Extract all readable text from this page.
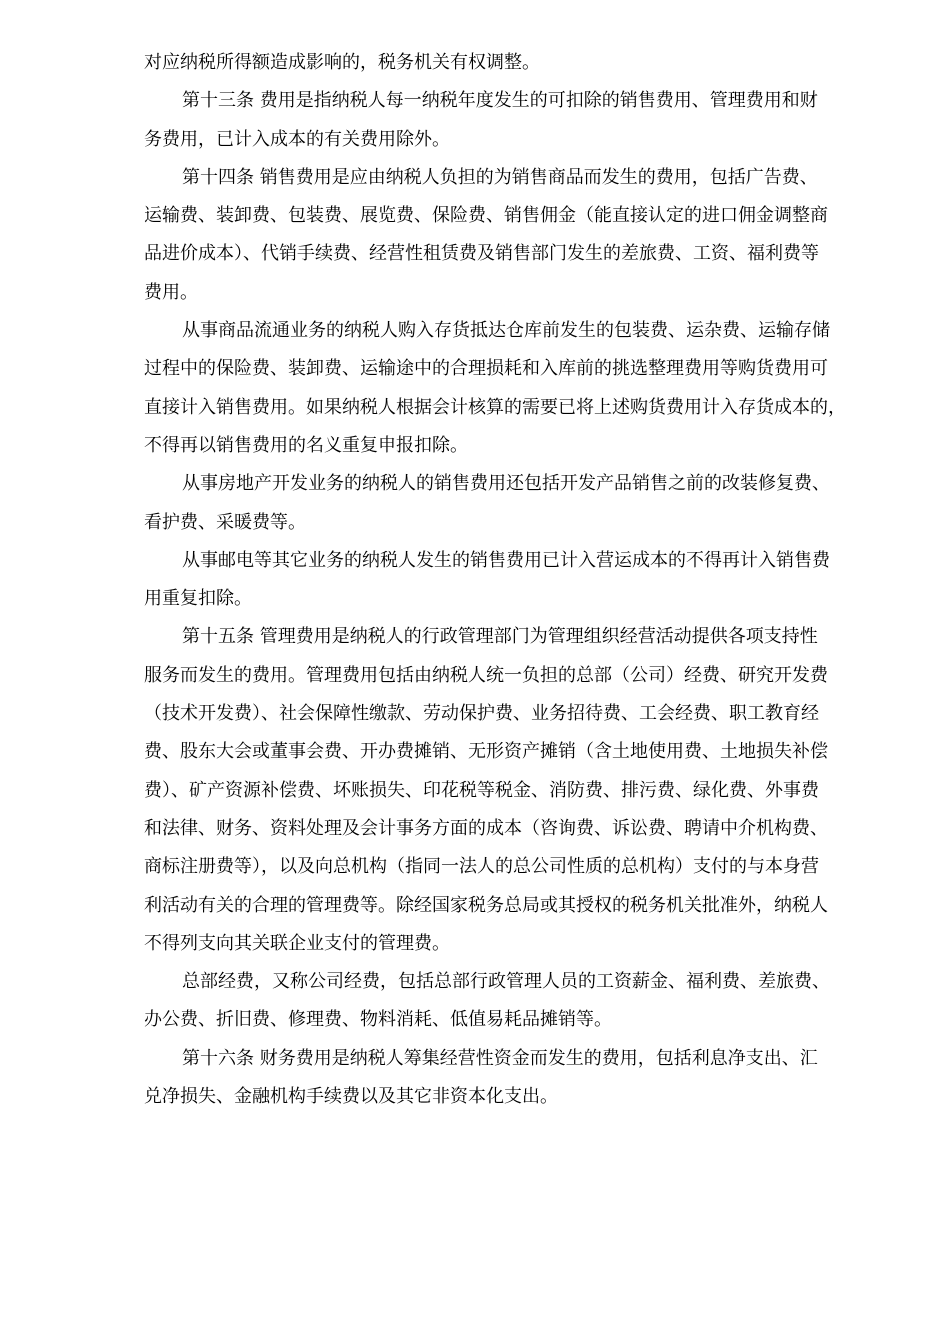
对应纳税所得额造成影响的，税务机关有权调整。
第十三条 费用是指纳税人每一纳税年度发生的可扣除的销售费用、管理费用和财
务费用，已计入成本的有关费用除外。
第十四条 销售费用是应由纳税人负担的为销售商品而发生的费用，包括广告费、
运输费、装卸费、包装费、展览费、保险费、销售佣金（能直接认定的进口佣金调整商
品进价成本）、代销手续费、经营性租赁费及销售部门发生的差旅费、工资、福利费等
费用。
从事商品流通业务的纳税人购入存货抵达仓库前发生的包装费、运杂费、运输存储
过程中的保险费、装卸费、运输途中的合理损耗和入库前的挑选整理费用等购货费用可
直接计入销售费用。如果纳税人根据会计核算的需要已将上述购货费用计入存货成本的，
不得再以销售费用的名义重复申报扣除。
从事房地产开发业务的纳税人的销售费用还包括开发产品销售之前的改装修复费、
看护费、采暖费等。
从事邮电等其它业务的纳税人发生的销售费用已计入营运成本的不得再计入销售费
用重复扣除。
第十五条 管理费用是纳税人的行政管理部门为管理组织经营活动提供各项支持性
服务而发生的费用。管理费用包括由纳税人统一负担的总部（公司）经费、研究开发费
（技术开发费）、社会保障性缴款、劳动保护费、业务招待费、工会经费、职工教育经
费、股东大会或董事会费、开办费摊销、无形资产摊销（含土地使用费、土地损失补偿
费）、矿产资源补偿费、坏账损失、印花税等税金、消防费、排污费、绿化费、外事费
和法律、财务、资料处理及会计事务方面的成本（咨询费、诉讼费、聘请中介机构费、
商标注册费等），以及向总机构（指同一法人的总公司性质的总机构）支付的与本身营
利活动有关的合理的管理费等。除经国家税务总局或其授权的税务机关批准外，纳税人
不得列支向其关联企业支付的管理费。
总部经费，又称公司经费，包括总部行政管理人员的工资薪金、福利费、差旅费、
办公费、折旧费、修理费、物料消耗、低值易耗品摊销等。
第十六条 财务费用是纳税人筹集经营性资金而发生的费用，包括利息净支出、汇
兑净损失、金融机构手续费以及其它非资本化支出。
